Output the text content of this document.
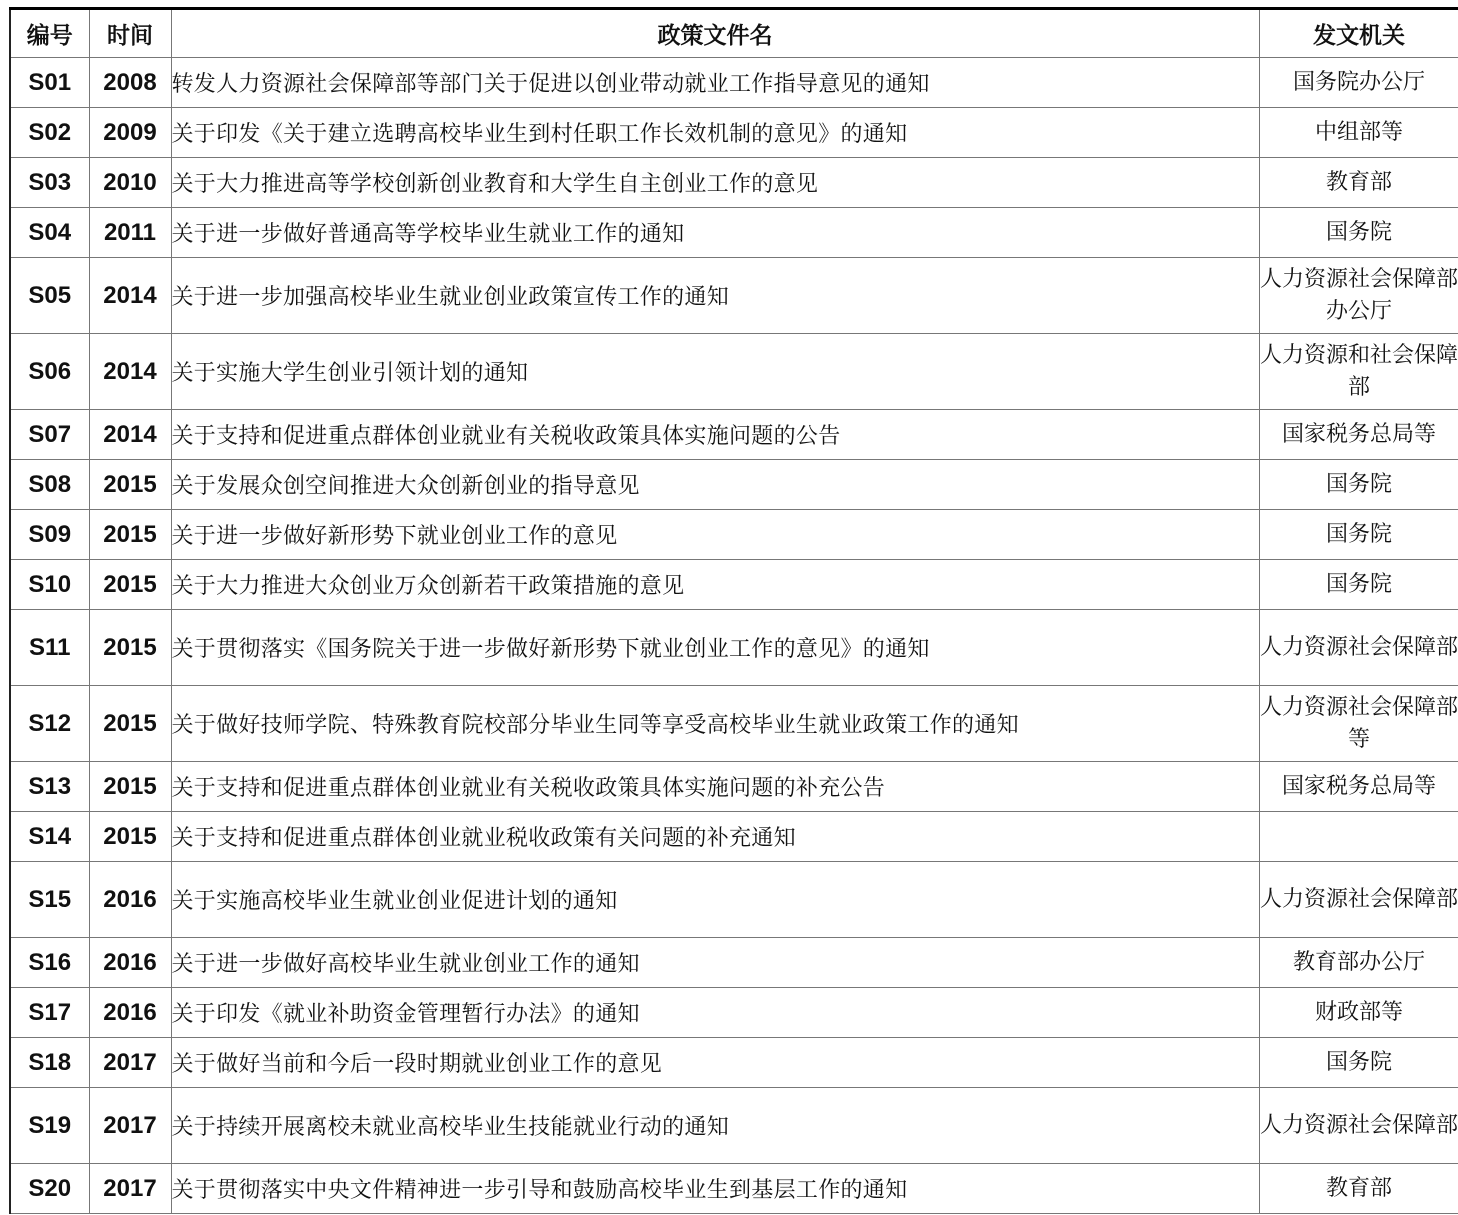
编号	时间	政策文件名	发文机关
S01	2008	转发人力资源社会保障部等部门关于促进以创业带动就业工作指导意见的通知	国务院办公厅
S02	2009	关于印发《关于建立选聘高校毕业生到村任职工作长效机制的意见》的通知	中组部等
S03	2010	关于大力推进高等学校创新创业教育和大学生自主创业工作的意见	教育部
S04	2011	关于进一步做好普通高等学校毕业生就业工作的通知	国务院
S05	2014	关于进一步加强高校毕业生就业创业政策宣传工作的通知	人力资源社会保障部办公厅
S06	2014	关于实施大学生创业引领计划的通知	人力资源和社会保障部
S07	2014	关于支持和促进重点群体创业就业有关税收政策具体实施问题的公告	国家税务总局等
S08	2015	关于发展众创空间推进大众创新创业的指导意见	国务院
S09	2015	关于进一步做好新形势下就业创业工作的意见	国务院
S10	2015	关于大力推进大众创业万众创新若干政策措施的意见	国务院
S11	2015	关于贯彻落实《国务院关于进一步做好新形势下就业创业工作的意见》的通知	人力资源社会保障部
S12	2015	关于做好技师学院、特殊教育院校部分毕业生同等享受高校毕业生就业政策工作的通知	人力资源社会保障部等
S13	2015	关于支持和促进重点群体创业就业有关税收政策具体实施问题的补充公告	国家税务总局等
S14	2015	关于支持和促进重点群体创业就业税收政策有关问题的补充通知	
S15	2016	关于实施高校毕业生就业创业促进计划的通知	人力资源社会保障部
S16	2016	关于进一步做好高校毕业生就业创业工作的通知	教育部办公厅
S17	2016	关于印发《就业补助资金管理暂行办法》的通知	财政部等
S18	2017	关于做好当前和今后一段时期就业创业工作的意见	国务院
S19	2017	关于持续开展离校未就业高校毕业生技能就业行动的通知	人力资源社会保障部
S20	2017	关于贯彻落实中央文件精神进一步引导和鼓励高校毕业生到基层工作的通知	教育部
